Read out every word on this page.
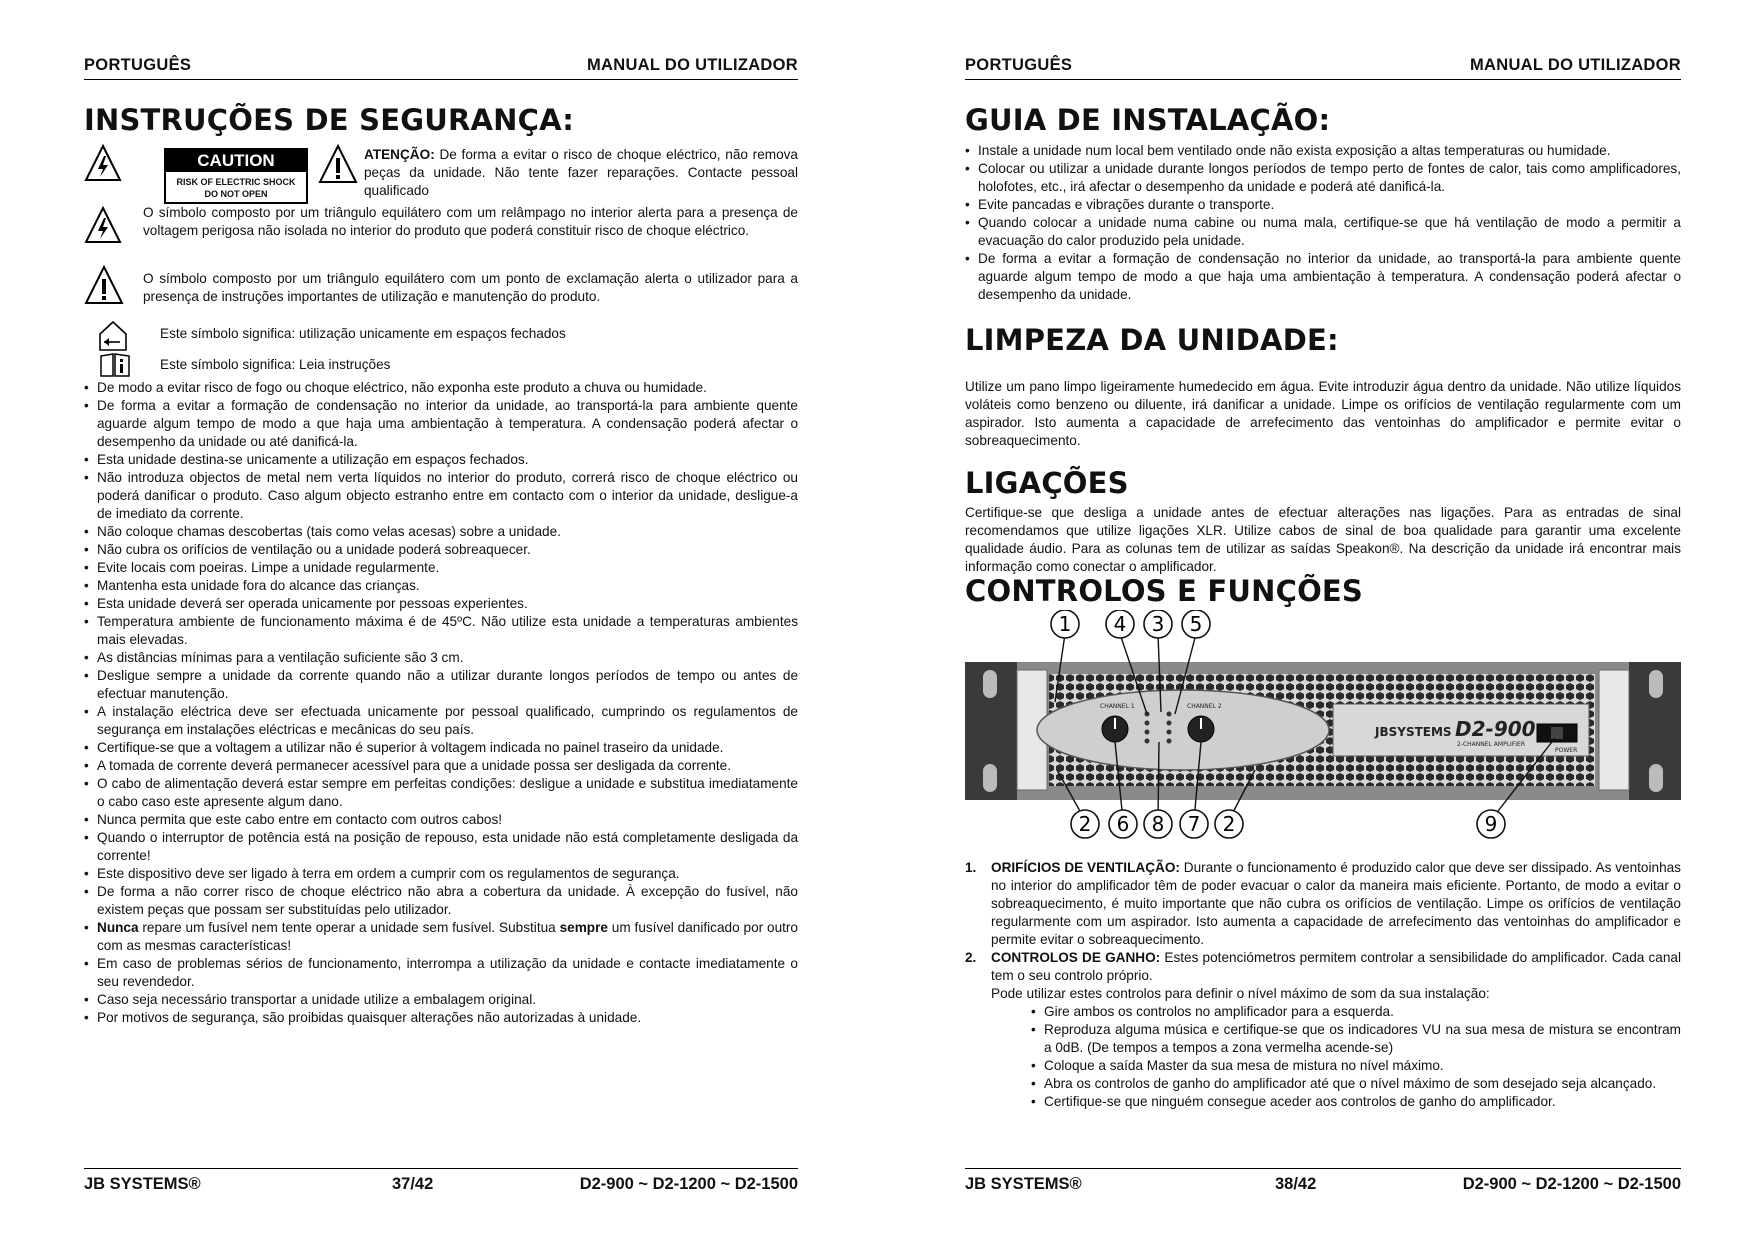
PORTUGUÊS	MANUAL DO UTILIZADOR
INSTRUÇÕES DE SEGURANÇA:
CAUTION
RISK OF ELECTRIC SHOCK
DO NOT OPEN
ATENÇÃO: De forma a evitar o risco de choque eléctrico, não remova peças da unidade. Não tente fazer reparações. Contacte pessoal qualificado
O símbolo composto por um triângulo equilátero com um relâmpago no interior alerta para a presença de voltagem perigosa não isolada no interior do produto que poderá constituir risco de choque eléctrico.
O símbolo composto por um triângulo equilátero com um ponto de exclamação alerta o utilizador para a presença de instruções importantes de utilização e manutenção do produto.
Este símbolo significa: utilização unicamente em espaços fechados
Este símbolo significa: Leia instruções
• De modo a evitar risco de fogo ou choque eléctrico, não exponha este produto a chuva ou humidade.
• De forma a evitar a formação de condensação no interior da unidade, ao transportá-la para ambiente quente aguarde algum tempo de modo a que haja uma ambientação à temperatura. A condensação poderá afectar o desempenho da unidade ou até danificá-la.
• Esta unidade destina-se unicamente a utilização em espaços fechados.
• Não introduza objectos de metal nem verta líquidos no interior do produto, correrá risco de choque eléctrico ou poderá danificar o produto. Caso algum objecto estranho entre em contacto com o interior da unidade, desligue-a de imediato da corrente.
• Não coloque chamas descobertas (tais como velas acesas) sobre a unidade.
• Não cubra os orifícios de ventilação ou a unidade poderá sobreaquecer.
• Evite locais com poeiras. Limpe a unidade regularmente.
• Mantenha esta unidade fora do alcance das crianças.
• Esta unidade deverá ser operada unicamente por pessoas experientes.
• Temperatura ambiente de funcionamento máxima é de 45ºC. Não utilize esta unidade a temperaturas ambientes mais elevadas.
• As distâncias mínimas para a ventilação suficiente são 3 cm.
• Desligue sempre a unidade da corrente quando não a utilizar durante longos períodos de tempo ou antes de efectuar manutenção.
• A instalação eléctrica deve ser efectuada unicamente por pessoal qualificado, cumprindo os regulamentos de segurança em instalações eléctricas e mecânicas do seu país.
• Certifique-se que a voltagem a utilizar não é superior à voltagem indicada no painel traseiro da unidade.
• A tomada de corrente deverá permanecer acessível para que a unidade possa ser desligada da corrente.
• O cabo de alimentação deverá estar sempre em perfeitas condições: desligue a unidade e substitua imediatamente o cabo caso este apresente algum dano.
• Nunca permita que este cabo entre em contacto com outros cabos!
• Quando o interruptor de potência está na posição de repouso, esta unidade não está completamente desligada da corrente!
• Este dispositivo deve ser ligado à terra em ordem a cumprir com os regulamentos de segurança.
• De forma a não correr risco de choque eléctrico não abra a cobertura da unidade. À excepção do fusível, não existem peças que possam ser substituídas pelo utilizador.
• Nunca repare um fusível nem tente operar a unidade sem fusível. Substitua sempre um fusível danificado por outro com as mesmas características!
• Em caso de problemas sérios de funcionamento, interrompa a utilização da unidade e contacte imediatamente o seu revendedor.
• Caso seja necessário transportar a unidade utilize a embalagem original.
• Por motivos de segurança, são proibidas quaisquer alterações não autorizadas à unidade.
JB SYSTEMS®	37/42	D2-900 ~ D2-1200 ~ D2-1500
PORTUGUÊS	MANUAL DO UTILIZADOR
GUIA DE INSTALAÇÃO:
• Instale a unidade num local bem ventilado onde não exista exposição a altas temperaturas ou humidade.
• Colocar ou utilizar a unidade durante longos períodos de tempo perto de fontes de calor, tais como amplificadores, holofotes, etc., irá afectar o desempenho da unidade e poderá até danificá-la.
• Evite pancadas e vibrações durante o transporte.
• Quando colocar a unidade numa cabine ou numa mala, certifique-se que há ventilação de modo a permitir a evacuação do calor produzido pela unidade.
• De forma a evitar a formação de condensação no interior da unidade, ao transportá-la para ambiente quente aguarde algum tempo de modo a que haja uma ambientação à temperatura. A condensação poderá afectar o desempenho da unidade.
LIMPEZA DA UNIDADE:
Utilize um pano limpo ligeiramente humedecido em água. Evite introduzir água dentro da unidade. Não utilize líquidos voláteis como benzeno ou diluente, irá danificar a unidade. Limpe os orifícios de ventilação regularmente com um aspirador. Isto aumenta a capacidade de arrefecimento das ventoinhas do amplificador e permite evitar o sobreaquecimento.
LIGAÇÕES
Certifique-se que desliga a unidade antes de efectuar alterações nas ligações. Para as entradas de sinal recomendamos que utilize ligações XLR. Utilize cabos de sinal de boa qualidade para garantir uma excelente qualidade áudio. Para as colunas tem de utilizar as saídas Speakon®. Na descrição da unidade irá encontrar mais informação como conectar o amplificador.
CONTROLOS E FUNÇÕES
JBSYSTEMS D2-900
2-CHANNEL AMPLIFIER
POWER
CHANNEL 1	CHANNEL 2
1 4 3 5
2 6 8 7 2	9
1. ORIFÍCIOS DE VENTILAÇÃO: Durante o funcionamento é produzido calor que deve ser dissipado. As ventoinhas no interior do amplificador têm de poder evacuar o calor da maneira mais eficiente. Portanto, de modo a evitar o sobreaquecimento, é muito importante que não cubra os orifícios de ventilação. Limpe os orifícios de ventilação regularmente com um aspirador. Isto aumenta a capacidade de arrefecimento das ventoinhas do amplificador e permite evitar o sobreaquecimento.
2. CONTROLOS DE GANHO: Estes potenciómetros permitem controlar a sensibilidade do amplificador. Cada canal tem o seu controlo próprio.
Pode utilizar estes controlos para definir o nível máximo de som da sua instalação:
• Gire ambos os controlos no amplificador para a esquerda.
• Reproduza alguma música e certifique-se que os indicadores VU na sua mesa de mistura se encontram a 0dB. (De tempos a tempos a zona vermelha acende-se)
• Coloque a saída Master da sua mesa de mistura no nível máximo.
• Abra os controlos de ganho do amplificador até que o nível máximo de som desejado seja alcançado.
• Certifique-se que ninguém consegue aceder aos controlos de ganho do amplificador.
JB SYSTEMS®	38/42	D2-900 ~ D2-1200 ~ D2-1500
